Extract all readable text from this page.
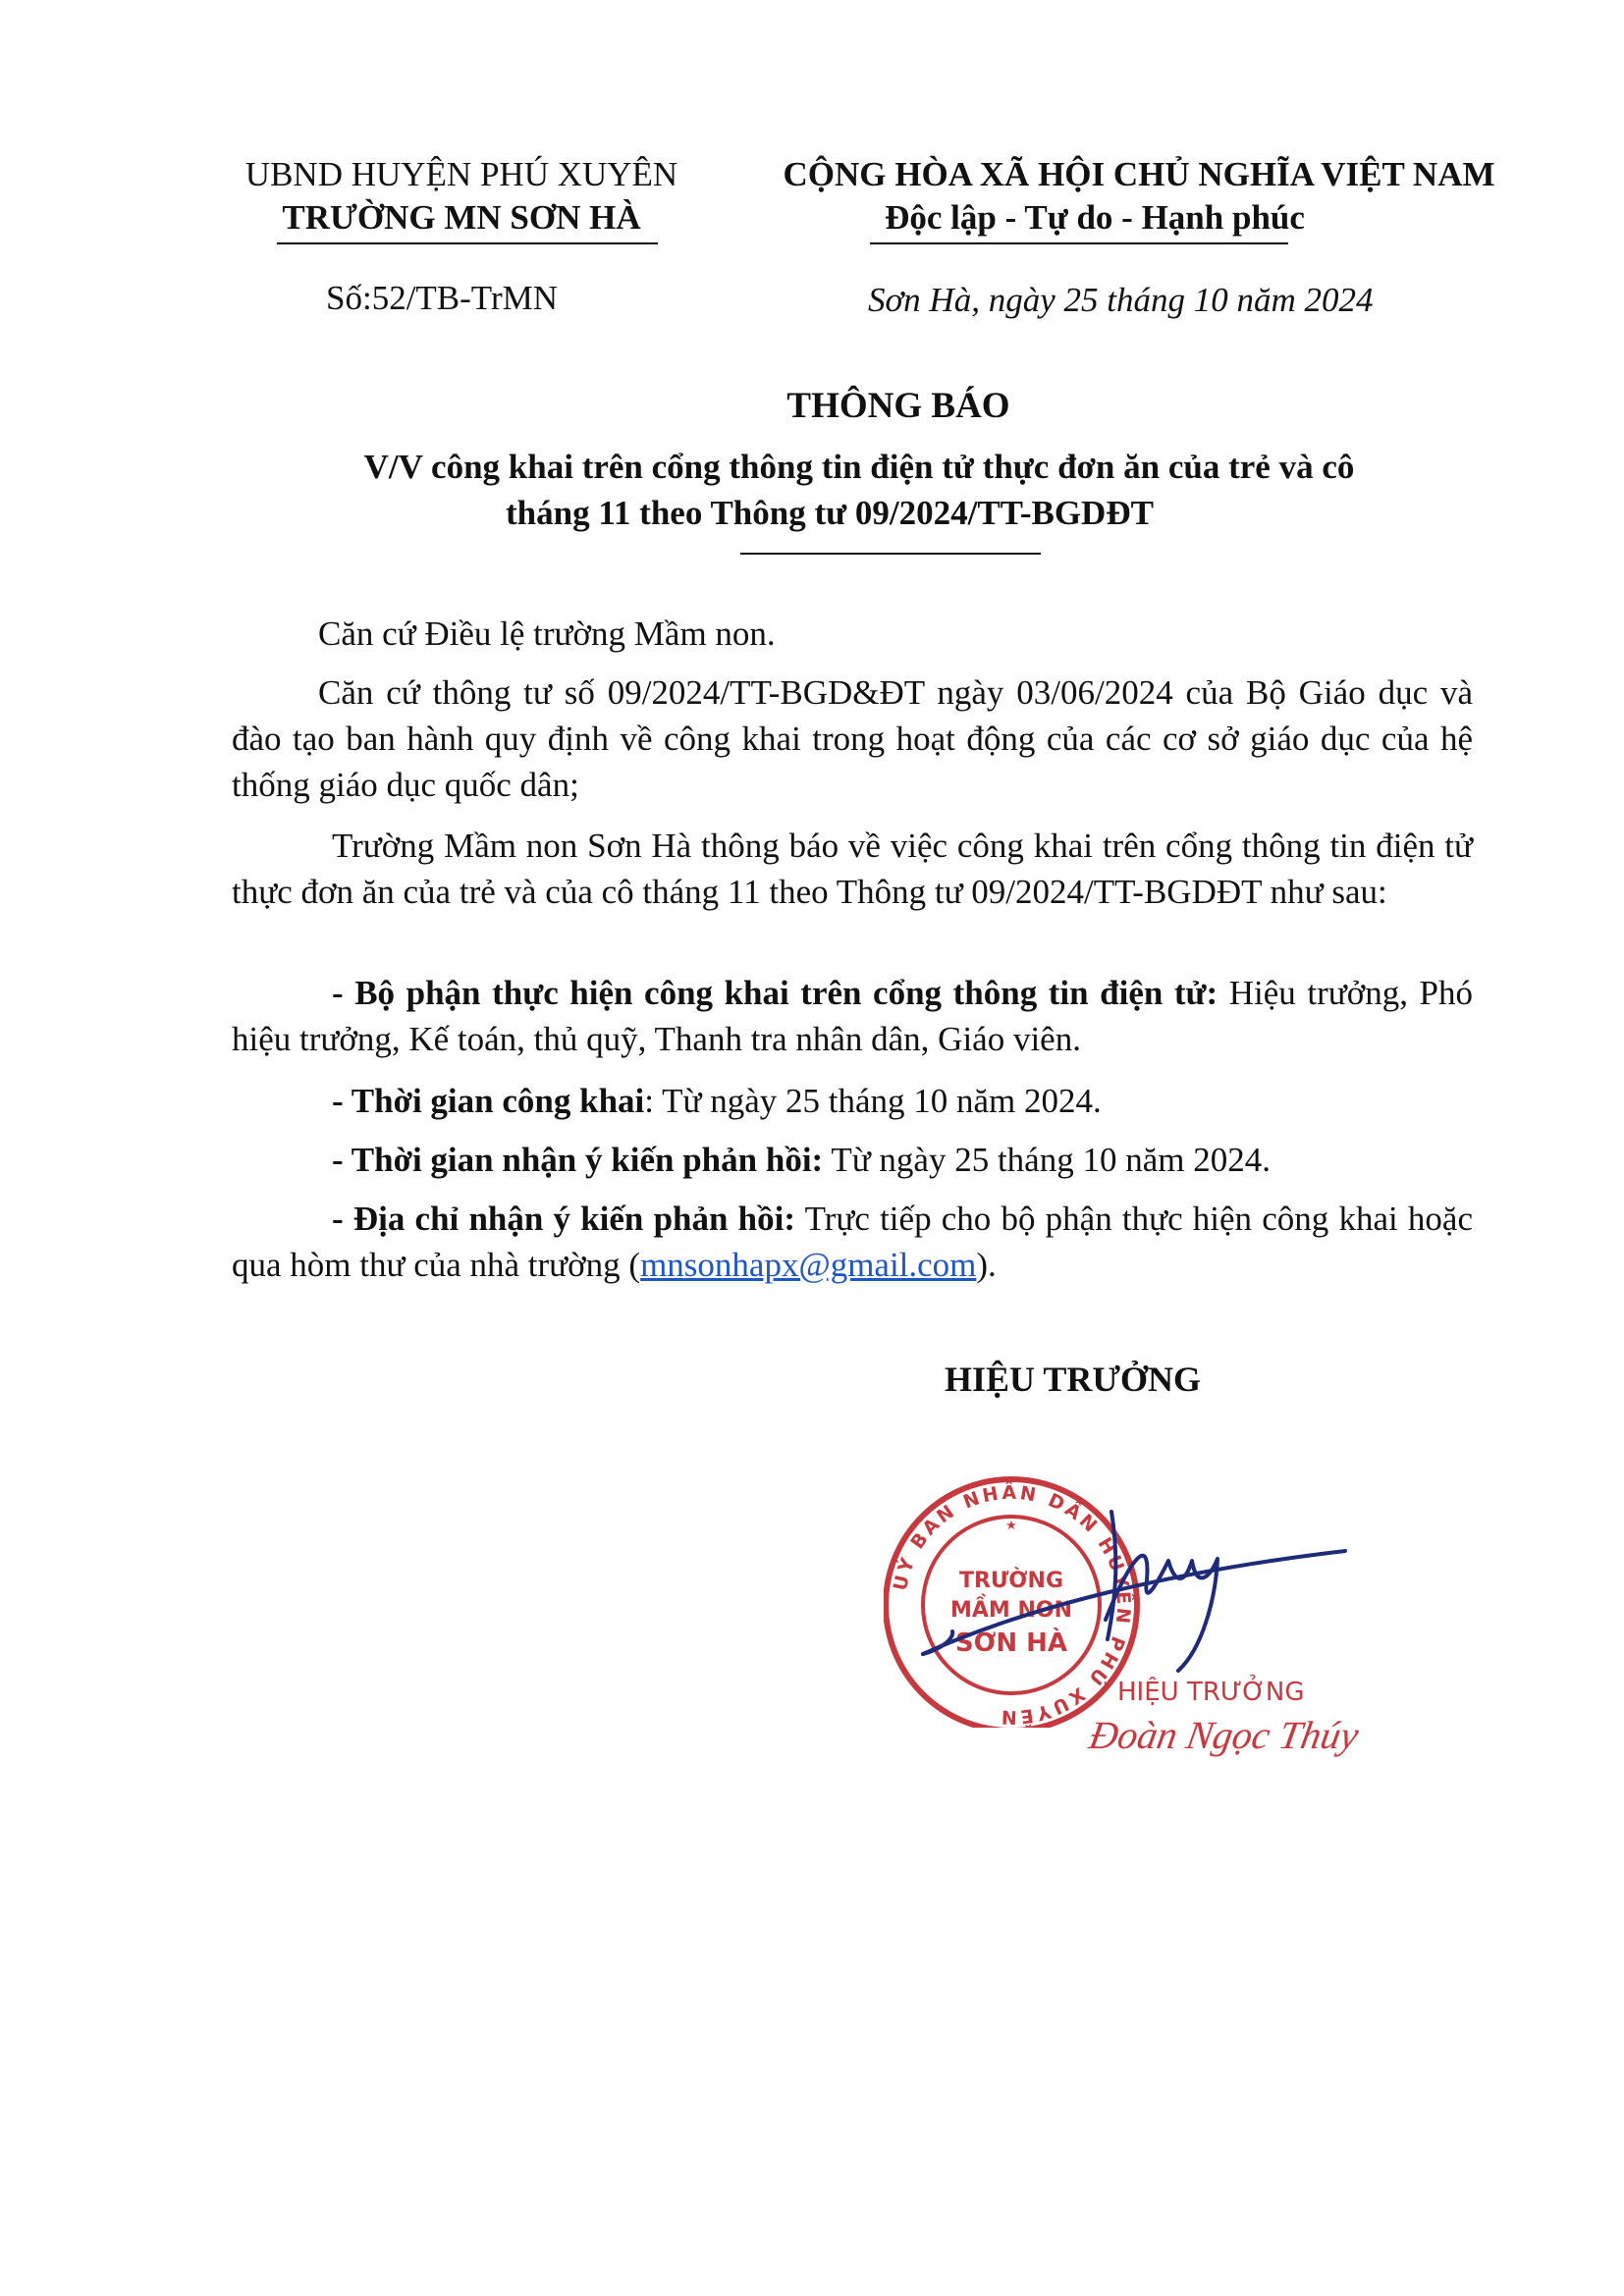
UBND HUYỆN PHÚ XUYÊN
TRƯỜNG MN SƠN HÀ
CỘNG HÒA XÃ HỘI CHỦ NGHĨA VIỆT NAM
Độc lập - Tự do - Hạnh phúc
Số:52/TB-TrMN	Sơn Hà, ngày 25 tháng 10 năm 2024
THÔNG BÁO
V/V công khai trên cổng thông tin điện tử thực đơn ăn của trẻ và cô
tháng 11 theo Thông tư 09/2024/TT-BGDĐT
Căn cứ Điều lệ trường Mầm non.
Căn cứ thông tư số 09/2024/TT-BGD&ĐT ngày 03/06/2024 của Bộ Giáo dục và đào tạo ban hành quy định về công khai trong hoạt động của các cơ sở giáo dục của hệ thống giáo dục quốc dân;
Trường Mầm non Sơn Hà thông báo về việc công khai trên cổng thông tin điện tử thực đơn ăn của trẻ và của cô tháng 11 theo Thông tư 09/2024/TT-BGDĐT như sau:
- Bộ phận thực hiện công khai trên cổng thông tin điện tử: Hiệu trưởng, Phó hiệu trưởng, Kế toán, thủ quỹ, Thanh tra nhân dân, Giáo viên.
- Thời gian công khai: Từ ngày 25 tháng 10 năm 2024.
- Thời gian nhận ý kiến phản hồi: Từ ngày 25 tháng 10 năm 2024.
- Địa chỉ nhận ý kiến phản hồi: Trực tiếp cho bộ phận thực hiện công khai hoặc qua hòm thư của nhà trường (mnsonhapx@gmail.com).
HIỆU TRƯỞNG
UỶ BAN NHÂN DÂN HUYỆN PHÚ XUYÊN
★
TRƯỜNG
MẦM NON
SƠN HÀ
HIỆU TRƯỞNG
Đoàn Ngọc Thúy
